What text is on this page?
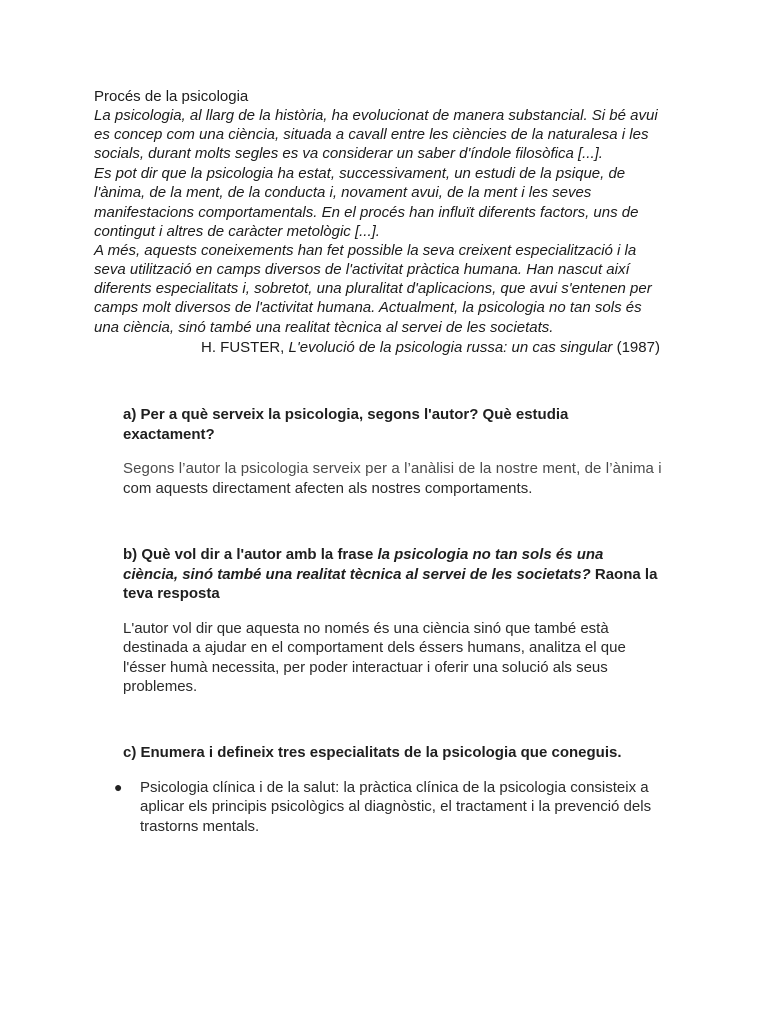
Procés de la psicologia
La psicologia, al llarg de la història, ha evolucionat de manera substancial. Si bé avui
es concep com una ciència, situada a cavall entre les ciències de la naturalesa i les
socials, durant molts segles es va considerar un saber d'índole filosòfica [...].
Es pot dir que la psicologia ha estat, successivament, un estudi de la psique, de
l'ànima, de la ment, de la conducta i, novament avui, de la ment i les seves
manifestacions comportamentals. En el procés han influït diferents factors, uns de
contingut i altres de caràcter metològic [...].
A més, aquests coneixements han fet possible la seva creixent especialització i la
seva utilització en camps diversos de l'activitat pràctica humana. Han nascut així
diferents especialitats i, sobretot, una pluralitat d'aplicacions, que avui s'entenen per
camps molt diversos de l'activitat humana. Actualment, la psicologia no tan sols és
una ciència, sinó també una realitat tècnica al servei de les societats.
H. FUSTER, L'evolució de la psicologia russa: un cas singular (1987)
a) Per a què serveix la psicologia, segons l'autor? Què estudia
exactament?
Segons l’autor la psicologia serveix per a l’anàlisi de la nostre ment, de l’ànima i
com aquests directament afecten als nostres comportaments.
b) Què vol dir a l'autor amb la frase la psicologia no tan sols és una
ciència, sinó també una realitat tècnica al servei de les societats? Raona la
teva resposta
L'autor vol dir que aquesta no només és una ciència sinó que també està
destinada a ajudar en el comportament dels éssers humans, analitza el que
l'ésser humà necessita, per poder interactuar i oferir una solució als seus
problemes.
c) Enumera i defineix tres especialitats de la psicologia que coneguis.
● Psicologia clínica i de la salut: la pràctica clínica de la psicologia consisteix a
aplicar els principis psicològics al diagnòstic, el tractament i la prevenció dels
trastorns mentals.
